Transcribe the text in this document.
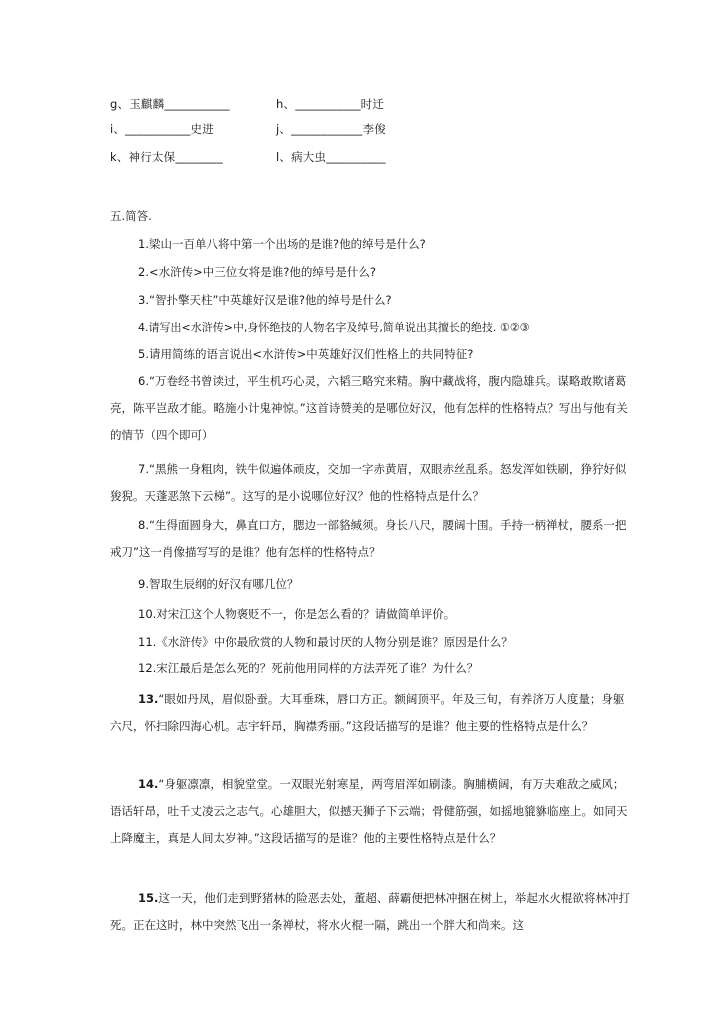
g、玉麒麟___________	h、___________时迁
i、___________史进	j、____________李俊
k、神行太保________	l、病大虫__________
五.简答.
1.梁山一百单八将中第一个出场的是谁?他的绰号是什么?
2.<水浒传>中三位女将是谁?他的绰号是什么?
3.“智扑擎天柱”中英雄好汉是谁?他的绰号是什么?
4.请写出<水浒传>中,身怀绝技的人物名字及绰号,简单说出其擅长的绝技. ①②③
5.请用简练的语言说出<水浒传>中英雄好汉们性格上的共同特征?
6.“万卷经书曾读过，平生机巧心灵，六韬三略究来精。胸中藏战将，腹内隐雄兵。谋略敢欺诸葛亮，陈平岂敌才能。略施小计鬼神惊。”这首诗赞美的是哪位好汉，他有怎样的性格特点？写出与他有关的情节（四个即可）
7.“黑熊一身粗肉，铁牛似遍体顽皮，交加一字赤黄眉，双眼赤丝乱系。怒发浑如铁刷，狰狞好似狻猊。天蓬恶煞下云梯”。这写的是小说哪位好汉？他的性格特点是什么？
8.“生得面圆身大，鼻直口方，腮边一部貉缄须。身长八尺，腰阔十围。手持一柄禅杖，腰系一把戒刀”这一肖像描写写的是谁？他有怎样的性格特点？
9.智取生辰纲的好汉有哪几位？
10.对宋江这个人物褒贬不一，你是怎么看的？请做简单评价。
11.《水浒传》中你最欣赏的人物和最讨厌的人物分别是谁？原因是什么？
12.宋江最后是怎么死的？死前他用同样的方法弄死了谁？为什么？
13.“眼如丹凤，眉似卧蚕。大耳垂珠，唇口方正。额阔顶平。年及三旬，有养济万人度量；身躯六尺，怀扫除四海心机。志宇轩昂，胸襟秀丽。”这段话描写的是谁？他主要的性格特点是什么？
14.“身躯凛凛，相貌堂堂。一双眼光射寒星，两弯眉浑如刷漆。胸脯横阔，有万夫难敌之威风；语话轩昂，吐千丈凌云之志气。心雄胆大，似撼天狮子下云端；骨健筋强，如摇地貔貅临座上。如同天上降魔主，真是人间太岁神。”这段话描写的是谁？他的主要性格特点是什么？
15.这一天，他们走到野猪林的险恶去处，董超、薛霸便把林冲捆在树上，举起水火棍欲将林冲打死。正在这时，林中突然飞出一条禅杖，将水火棍一隔，跳出一个胖大和尚来。这
